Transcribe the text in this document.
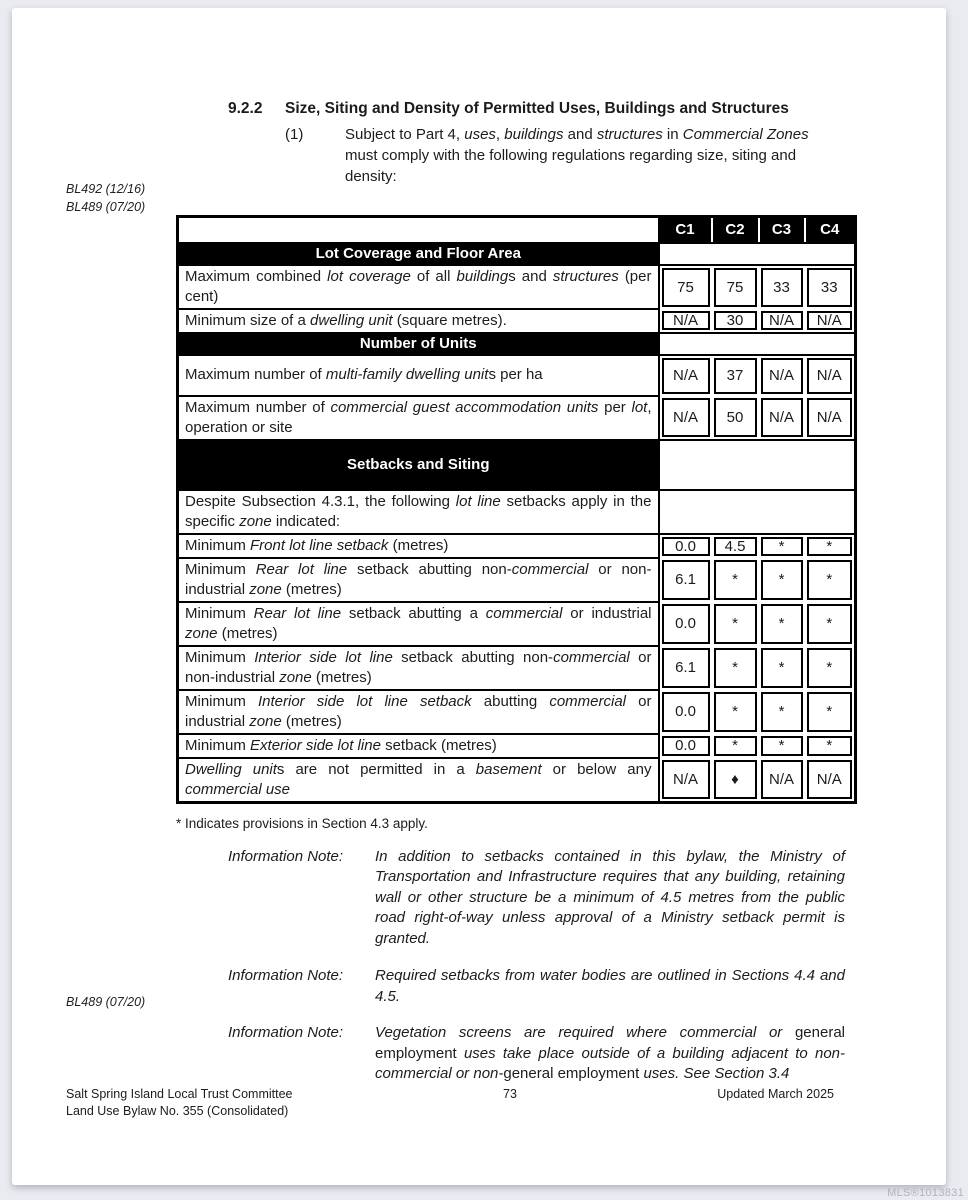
BL492 (12/16)
BL489 (07/20)
BL489 (07/20)
9.2.2	Size, Siting and Density of Permitted Uses, Buildings and Structures
(1)	Subject to Part 4, uses, buildings and structures in Commercial Zones must comply with the following regulations regarding size, siting and density:
	C1	C2	C3	C4
Lot Coverage and Floor Area				
Maximum combined lot coverage of all buildings and structures (per cent)	75	75	33	33

Minimum size of a dwelling unit (square metres).	N/A	30	N/A	N/A

Number of Units				
Maximum number of multi-family dwelling units per ha	N/A	37	N/A	N/A

Maximum number of commercial guest accommodation units per lot, operation or site	N/A	50	N/A	N/A

Setbacks and Siting				
Despite Subsection 4.3.1, the following lot line setbacks apply in the specific zone indicated:				
Minimum Front lot line setback (metres)	0.0	4.5	*	*

Minimum Rear lot line setback abutting non-commercial or non-industrial zone (metres)	6.1	*	*	*

Minimum Rear lot line setback abutting a commercial or industrial zone (metres)	0.0	*	*	*

Minimum Interior side lot line setback abutting non-commercial or non-industrial zone (metres)	6.1	*	*	*

Minimum Interior side lot line setback abutting commercial or industrial zone (metres)	0.0	*	*	*

Minimum Exterior side lot line setback (metres)	0.0	*	*	*

Dwelling units are not permitted in a basement or below any commercial use	N/A	♦	N/A	N/A
* Indicates provisions in Section 4.3 apply.
Information Note:	In addition to setbacks contained in this bylaw, the Ministry of Transportation and Infrastructure requires that any building, retaining wall or other structure be a minimum of 4.5 metres from the public road right-of-way unless approval of a Ministry setback permit is granted.
Information Note:	Required setbacks from water bodies are outlined in Sections 4.4 and 4.5.
Information Note:	Vegetation screens are required where commercial or general employment uses take place outside of a building adjacent to non-commercial or non-general employment uses. See Section 3.4
Salt Spring Island Local Trust Committee
Land Use Bylaw No. 355 (Consolidated)
73	Updated March 2025
MLS®1013831
